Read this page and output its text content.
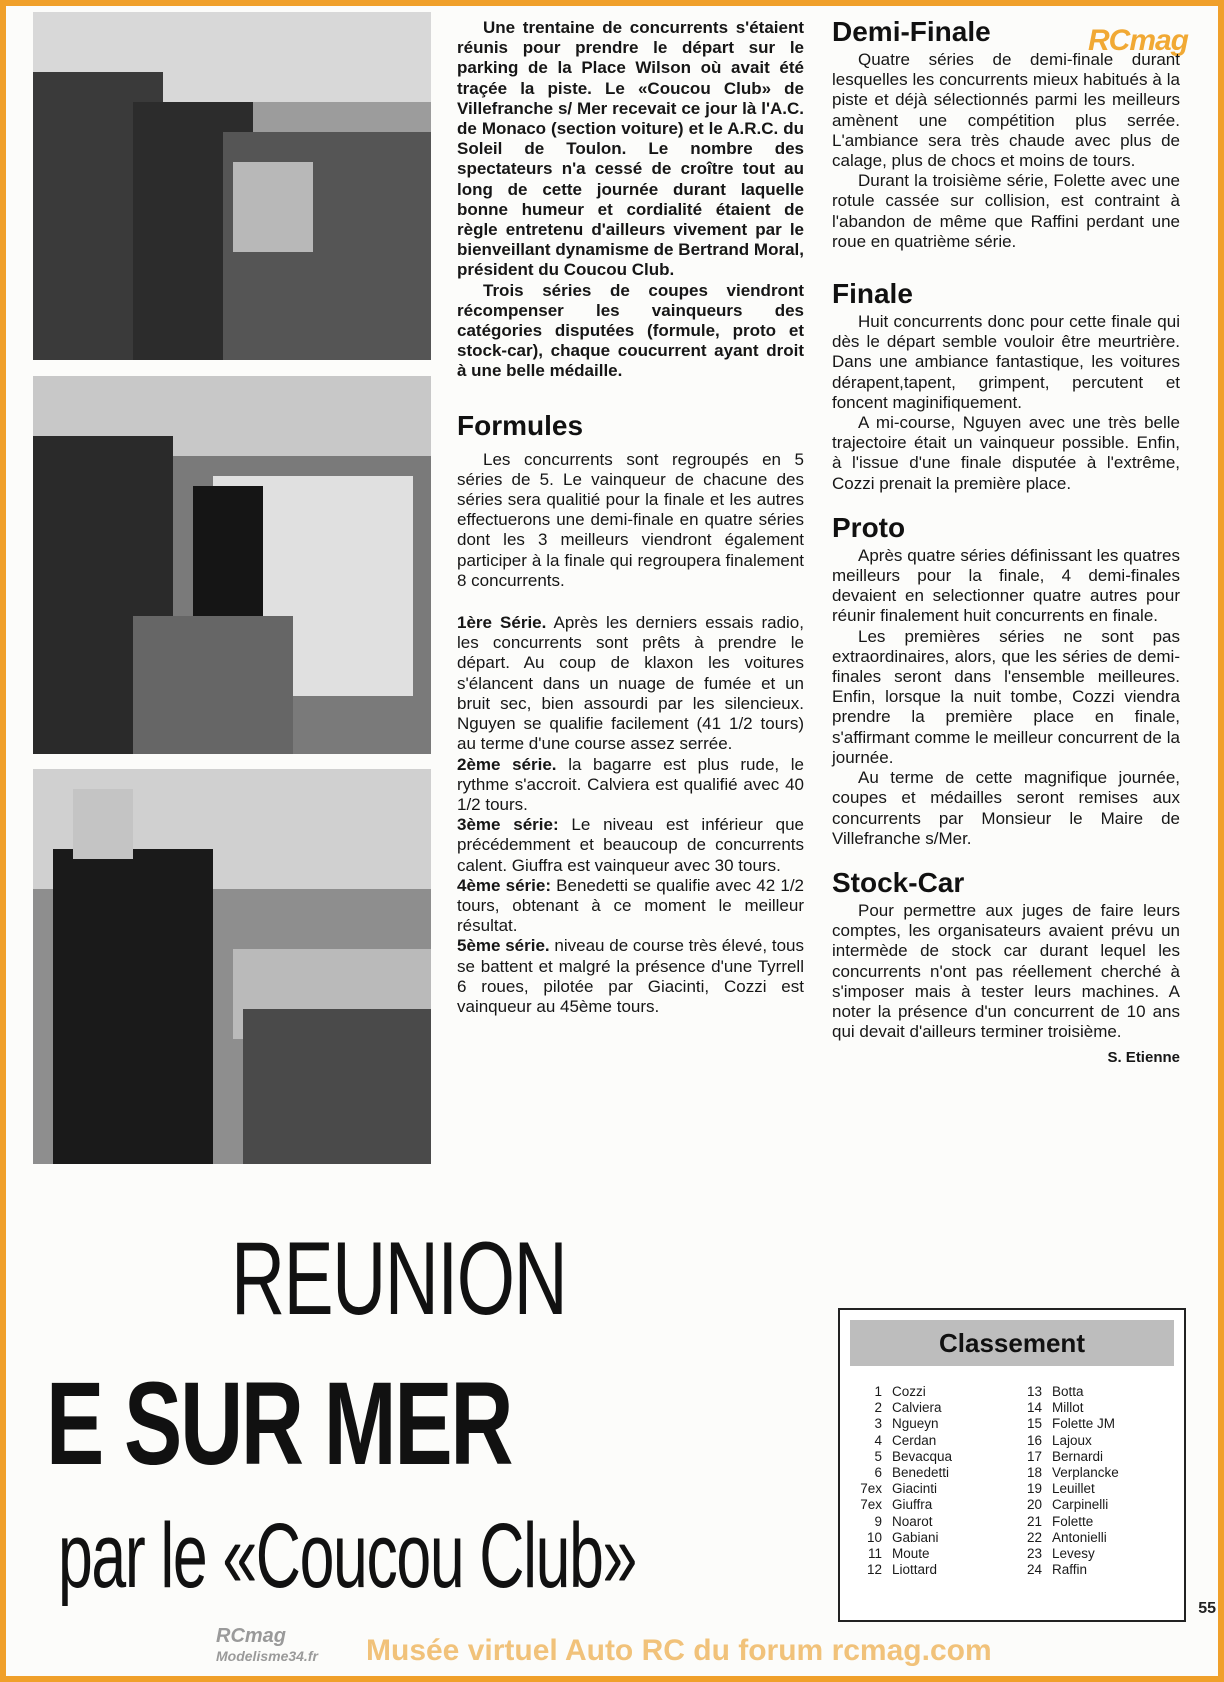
RCmag

Une trentaine de concurrents s'étaient réunis pour prendre le départ sur le parking de la Place Wilson où avait été traçée la piste. Le «Coucou Club» de Villefranche s/ Mer recevait ce jour là l'A.C. de Monaco (section voiture) et le A.R.C. du Soleil de Toulon. Le nombre des spectateurs n'a cessé de croître tout au long de cette journée durant laquelle bonne humeur et cordialité étaient de règle entretenu d'ailleurs vivement par le bienveillant dynamisme de Bertrand Moral, président du Coucou Club.

Trois séries de coupes viendront récompenser les vainqueurs des catégories disputées (formule, proto et stock-car), chaque coucurrent ayant droit à une belle médaille.

Formules

Les concurrents sont regroupés en 5 séries de 5. Le vainqueur de chacune des séries sera qualitié pour la finale et les autres effectuerons une demi-finale en quatre séries dont les 3 meilleurs viendront également participer à la finale qui regroupera finalement 8 concurrents.

1ère Série. Après les derniers essais radio, les concurrents sont prêts à prendre le départ. Au coup de klaxon les voitures s'élancent dans un nuage de fumée et un bruit sec, bien assourdi par les silencieux. Nguyen se qualifie facilement (41 1/2 tours) au terme d'une course assez serrée.

2ème série. la bagarre est plus rude, le rythme s'accroit. Calviera est qualifié avec 40 1/2 tours.

3ème série: Le niveau est inférieur que précédemment et beaucoup de concurrents calent. Giuffra est vainqueur avec 30 tours.

4ème série: Benedetti se qualifie avec 42 1/2 tours, obtenant à ce moment le meilleur résultat.

5ème série. niveau de course très élevé, tous se battent et malgré la présence d'une Tyrrell 6 roues, pilotée par Giacinti, Cozzi est vainqueur au 45ème tours.

Demi-Finale

Quatre séries de demi-finale durant lesquelles les concurrents mieux habitués à la piste et déjà sélectionnés parmi les meilleurs amènent une compétition plus serrée. L'ambiance sera très chaude avec plus de calage, plus de chocs et moins de tours.

Durant la troisième série, Folette avec une rotule cassée sur collision, est contraint à l'abandon de même que Raffini perdant une roue en quatrième série.

Finale

Huit concurrents donc pour cette finale qui dès le départ semble vouloir être meurtrière. Dans une ambiance fantastique, les voitures dérapent,tapent, grimpent, percutent et foncent maginifiquement.

A mi-course, Nguyen avec une très belle trajectoire était un vainqueur possible. Enfin, à l'issue d'une finale disputée à l'extrême, Cozzi prenait la première place.

Proto

Après quatre séries définissant les quatres meilleurs pour la finale, 4 demi-finales devaient en selectionner quatre autres pour réunir finalement huit concurrents en finale.

Les premières séries ne sont pas extraordinaires, alors, que les séries de demi-finales seront dans l'ensemble meilleures. Enfin, lorsque la nuit tombe, Cozzi viendra prendre la première place en finale, s'affirmant comme le meilleur concurrent de la journée.

Au terme de cette magnifique journée, coupes et médailles seront remises aux concurrents par Monsieur le Maire de Villefranche s/Mer.

Stock-Car

Pour permettre aux juges de faire leurs comptes, les organisateurs avaient prévu un intermède de stock car durant lequel les concurrents n'ont pas réellement cherché à s'imposer mais à tester leurs machines. A noter la présence d'un concurrent de 10 ans qui devait d'ailleurs terminer troisième.

S. Etienne
REUNION
E SUR MER
par le «Coucou Club»
Classement
1 Cozzi
2 Calviera
3 Ngueyn
4 Cerdan
5 Bevacqua
6 Benedetti
7ex Giacinti
7ex Giuffra
9 Noarot
10 Gabiani
11 Moute
12 Liottard
13 Botta
14 Millot
15 Folette JM
16 Lajoux
17 Bernardi
18 Verplancke
19 Leuillet
20 Carpinelli
21 Folette
22 Antonielli
23 Levesy
24 Raffin
55
RCmag
Modelisme34.fr Musée virtuel Auto RC du forum rcmag.com
